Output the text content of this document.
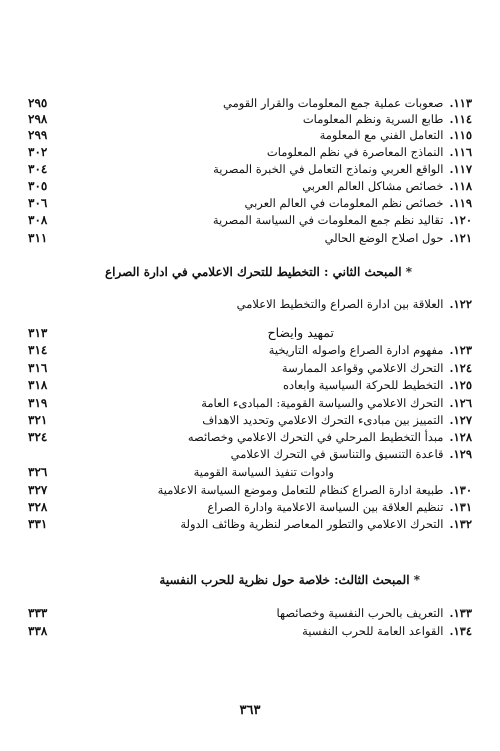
١١٣.صعوبات عملية جمع المعلومات والقرار القومي
٢٩٥
١١٤.طابع السرية ونظم المعلومات
٢٩٨
١١٥.التعامل الفني مع المعلومة
٢٩٩
١١٦.النماذج المعاصرة في نظم المعلومات
٣٠٢
١١٧.الواقع العربي ونماذج التعامل في الخبرة المصرية
٣٠٤
١١٨.خصائص مشاكل العالم العربي
٣٠٥
١١٩.خصائص نظم المعلومات في العالم العربي
٣٠٦
١٢٠.تقاليد نظم جمع المعلومات في السياسة المصرية
٣٠٨
١٢١.حول اصلاح الوضع الحالي
٣١١
* المبحث الثاني : التخطيط للتحرك الاعلامي في ادارة الصراع
١٢٢.العلاقة بين ادارة الصراع والتخطيط الاعلامي
تمهيد وايضاح
٣١٣
١٢٣.مفهوم ادارة الصراع واصوله التاريخية
٣١٤
١٢٤.التحرك الاعلامي وقواعد الممارسة
٣١٦
١٢٥.التخطيط للحركة السياسية وابعاده
٣١٨
١٢٦.التحرك الاعلامي والسياسة القومية: المبادىء العامة
٣١٩
١٢٧.التمييز بين مبادىء التحرك الاعلامي وتحديد الاهداف
٣٢١
١٢٨.مبدأ التخطيط المرحلي في التحرك الاعلامي وخصائصه
٣٢٤
١٢٩.قاعدة التنسيق والتناسق في التحرك الاعلامي
وادوات تنفيذ السياسة القومية
٣٢٦
١٣٠.طبيعة ادارة الصراع كنظام للتعامل وموضع السياسة الاعلامية
٣٢٧
١٣١.تنظيم العلاقة بين السياسة الاعلامية وادارة الصراع
٣٢٨
١٣٢.التحرك الاعلامي والتطور المعاصر لنظرية وظائف الدولة
٣٣١
* المبحث الثالث: خلاصة حول نظرية للحرب النفسية
١٣٣.التعريف بالحرب النفسية وخصائصها
٣٣٣
١٣٤.القواعد العامة للحرب النفسية
٣٣٨
٣٦٣
